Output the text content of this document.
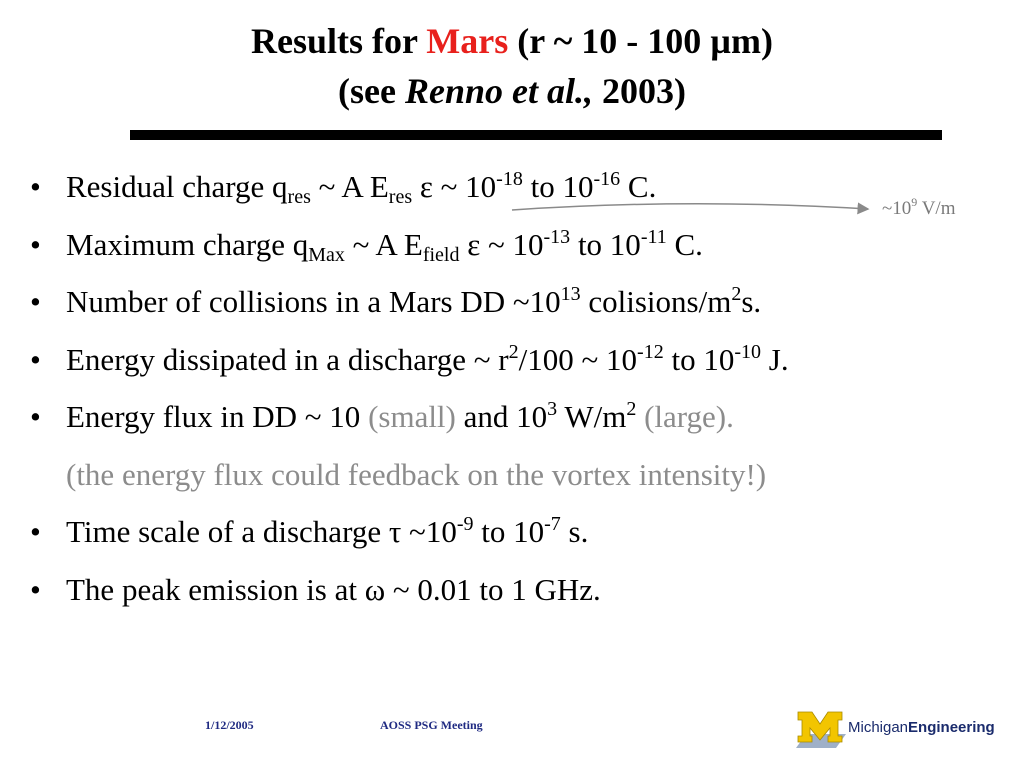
Results for Mars (r ~ 10 - 100 µm)
(see Renno et al., 2003)
• Residual charge $q_{res}$ ~ A $E_{res}$ ε ~ $10^{-18}$ to $10^{-16}$ C.
• Maximum charge $q_{Max}$ ~ A $E_{field}$ ε ~ $10^{-13}$ to $10^{-11}$ C.
• Number of collisions in a Mars DD $\sim 10^{13}$ colisions/$m^2s$.
• Energy dissipated in a discharge ~ $r^2/100$ ~ $10^{-12}$ to $10^{-10}$ J.
• Energy flux in DD ~ 10 (small) and $10^3$ $W/m^2$ (large).
(the energy flux could feedback on the vortex intensity!)
• Time scale of a discharge τ $\sim 10^{-9}$ to $10^{-7}$ s.
• The peak emission is at ω ~ 0.01 to 1 GHz.
$\sim 10^9$ V/m
1/12/2005	AOSS PSG Meeting	MichiganEngineering
